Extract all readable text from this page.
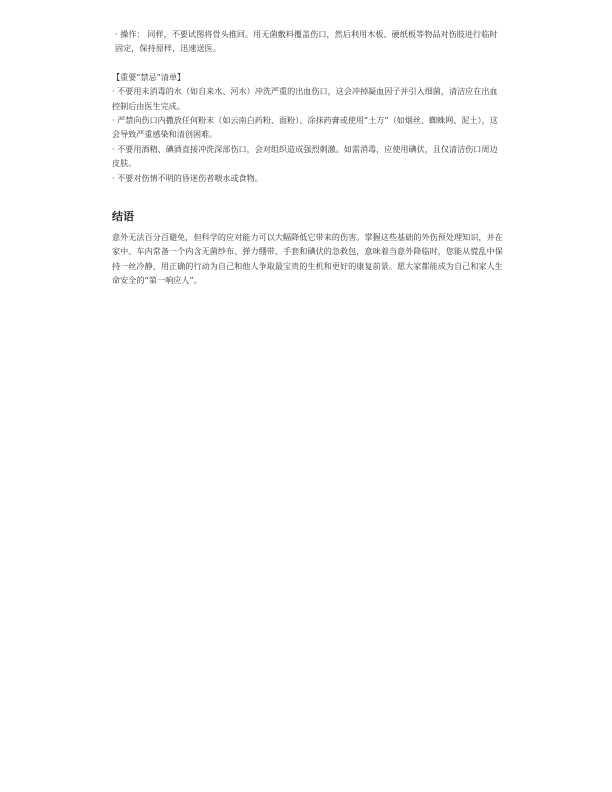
· 操作： 同样，不要试图将骨头推回。用无菌敷料覆盖伤口，然后利用木板、硬纸板等物品对伤肢进行临时固定，保持原样，迅速送医。

【重要“禁忌”清单】

· 不要用未消毒的水（如自来水、河水）冲洗严重的出血伤口，这会冲掉凝血因子并引入细菌，清洁应在出血控制后由医生完成。

· 严禁向伤口内撒放任何粉末（如云南白药粉、面粉）、涂抹药膏或使用“土方”（如烟丝、蜘蛛网、泥土），这会导致严重感染和清创困难。

· 不要用酒精、碘酒直接冲洗深部伤口，会对组织造成强烈刺激。如需消毒，应使用碘伏，且仅清洁伤口周边皮肤。

· 不要对伤情不明的昏迷伤者喂水或食物。

结语

意外无法百分百避免，但科学的应对能力可以大幅降低它带来的伤害。掌握这些基础的外伤预处理知识，并在家中、车内常备一个内含无菌纱布、弹力绷带、手套和碘伏的急救包，意味着当意外降临时，您能从慌乱中保持一丝冷静，用正确的行动为自己和他人争取最宝贵的生机和更好的康复前景。愿大家都能成为自己和家人生命安全的“第一响应人”。
